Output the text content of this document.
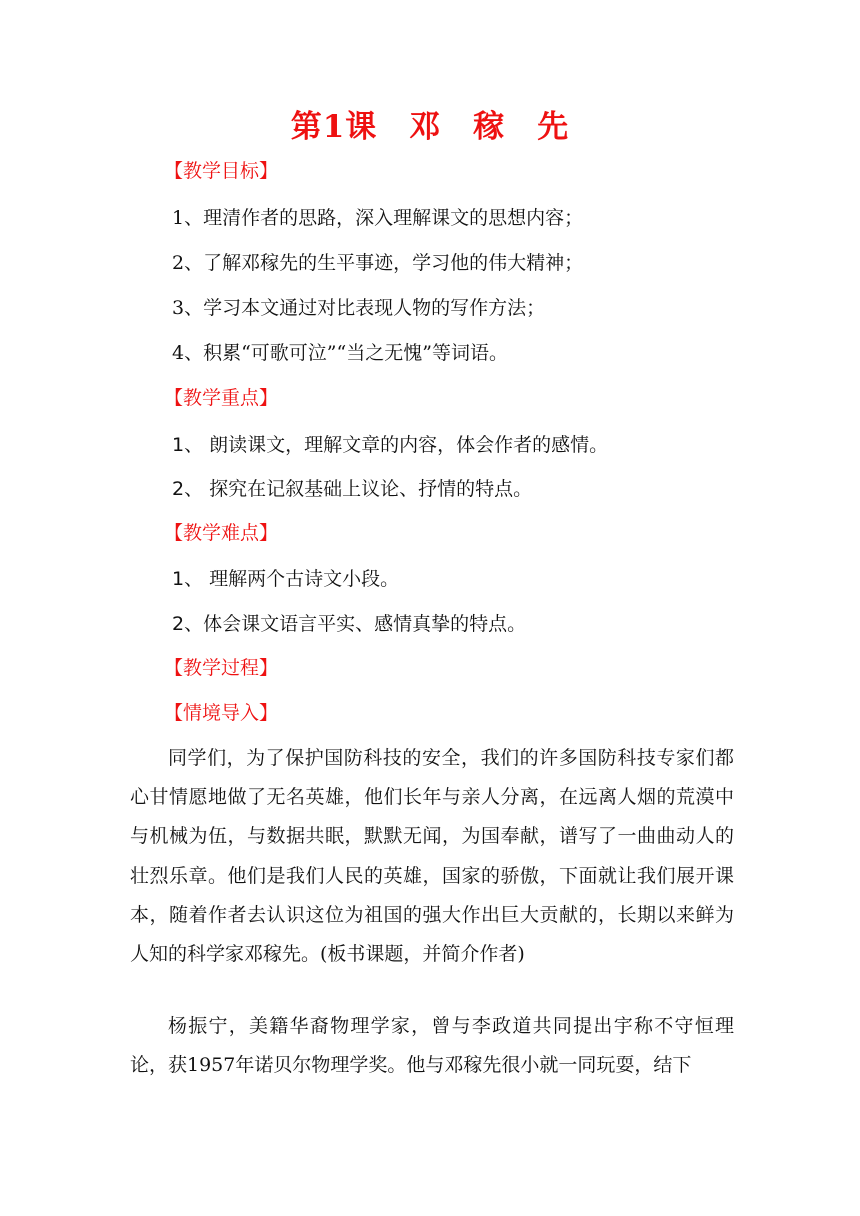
第1课　邓　稼　先
【教学目标】
1、理清作者的思路，深入理解课文的思想内容；
2、了解邓稼先的生平事迹，学习他的伟大精神；
3、学习本文通过对比表现人物的写作方法；
4、积累“可歌可泣”“当之无愧”等词语。
【教学重点】
1、 朗读课文，理解文章的内容，体会作者的感情。
2、 探究在记叙基础上议论、抒情的特点。
【教学难点】
1、 理解两个古诗文小段。
2、体会课文语言平实、感情真挚的特点。
【教学过程】
【情境导入】
同学们，为了保护国防科技的安全，我们的许多国防科技专家们都心甘情愿地做了无名英雄，他们长年与亲人分离，在远离人烟的荒漠中与机械为伍，与数据共眠，默默无闻，为国奉献，谱写了一曲曲动人的壮烈乐章。他们是我们人民的英雄，国家的骄傲，下面就让我们展开课本，随着作者去认识这位为祖国的强大作出巨大贡献的，长期以来鲜为人知的科学家邓稼先。(板书课题，并简介作者)
杨振宁，美籍华裔物理学家，曾与李政道共同提出宇称不守恒理论，获1957年诺贝尔物理学奖。他与邓稼先很小就一同玩耍，结下
